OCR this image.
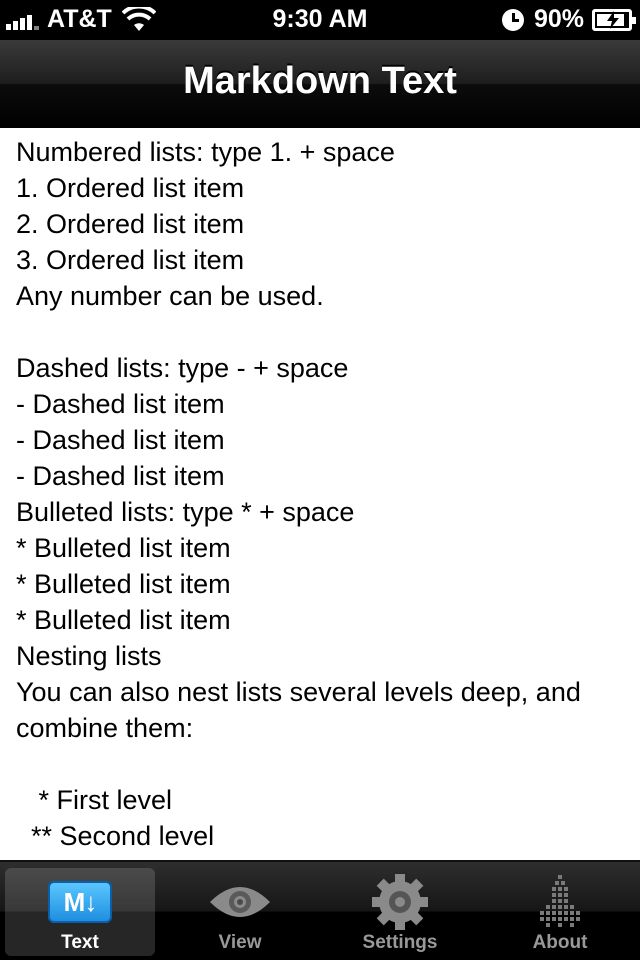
AT&T	9:30 AM	90%
Markdown Text
Numbered lists: type 1. + space
1. Ordered list item
2. Ordered list item
3. Ordered list item
Any number can be used.
Dashed lists: type - + space
- Dashed list item
- Dashed list item
- Dashed list item
Bulleted lists: type * + space
* Bulleted list item
* Bulleted list item
* Bulleted list item
Nesting lists
You can also nest lists several levels deep, and
combine them:
* First level
** Second level
M↓
Text	View	Settings	About
